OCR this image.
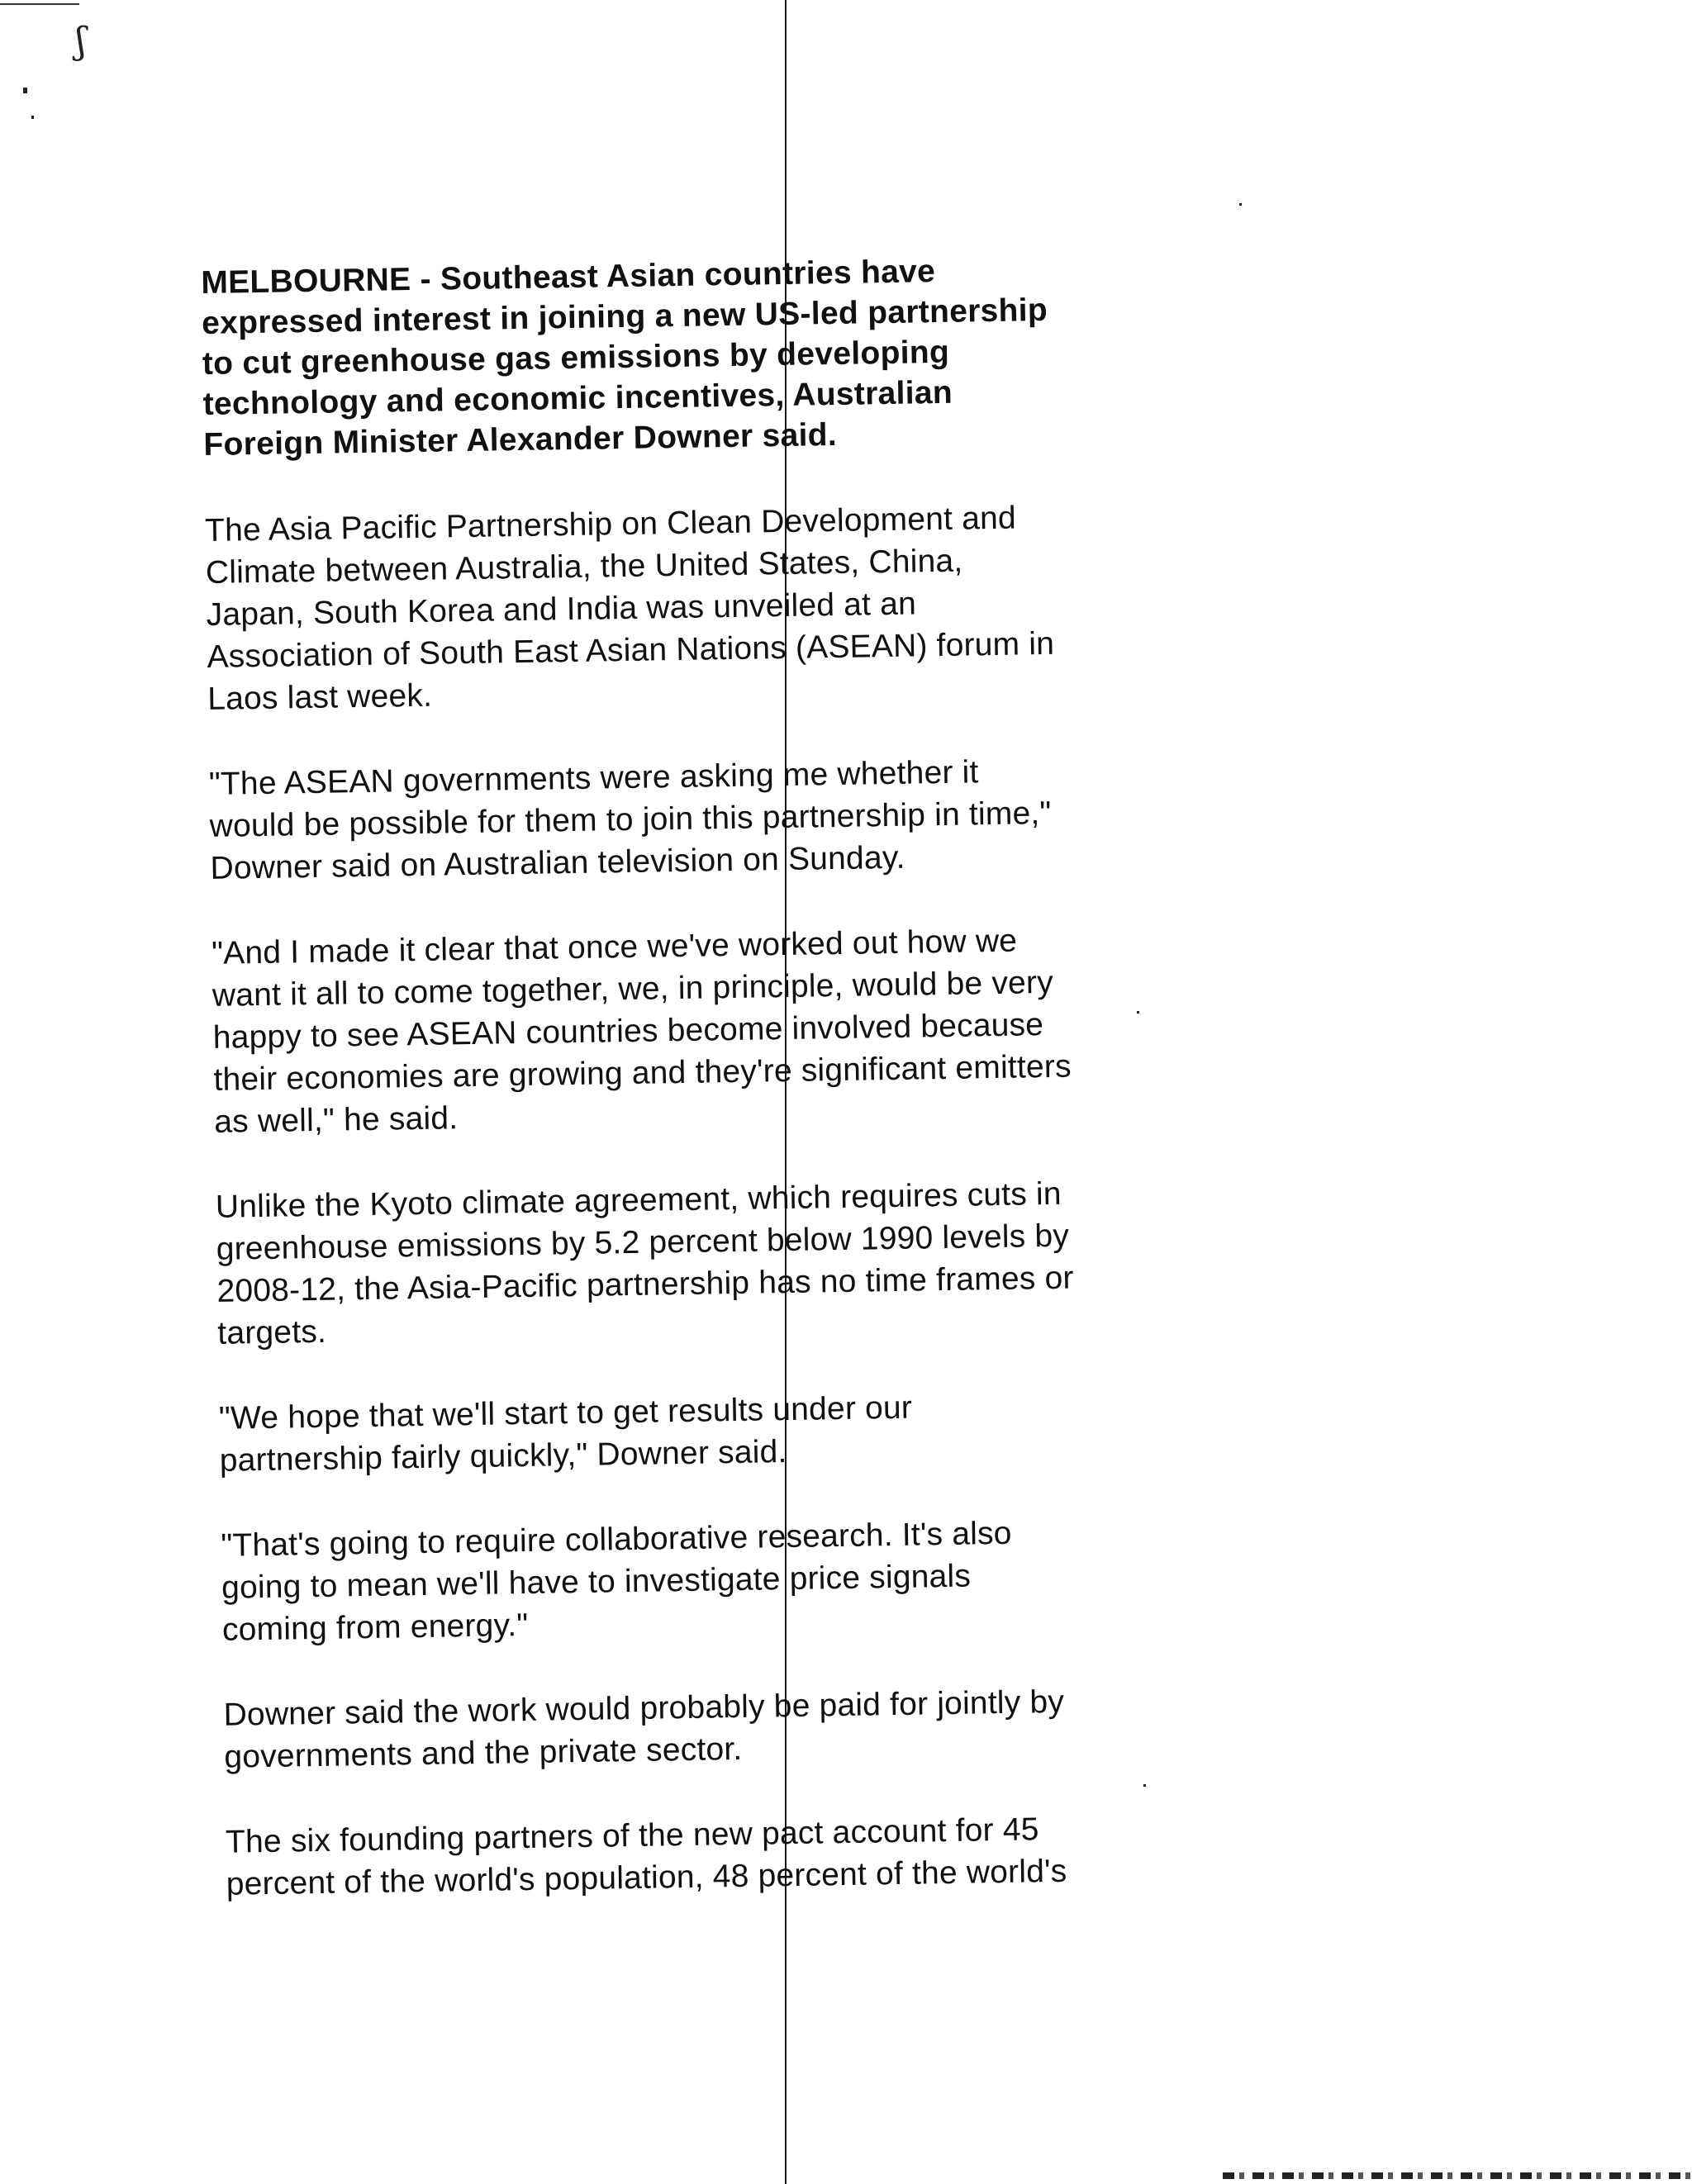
ʃ
MELBOURNE - Southeast Asian countries have
expressed interest in joining a new US-led partnership
to cut greenhouse gas emissions by developing
technology and economic incentives, Australian
Foreign Minister Alexander Downer said.
The Asia Pacific Partnership on Clean Development and
Climate between Australia, the United States, China,
Japan, South Korea and India was unveiled at an
Association of South East Asian Nations (ASEAN) forum in
Laos last week.
"The ASEAN governments were asking me whether it
would be possible for them to join this partnership in time,"
Downer said on Australian television on Sunday.
"And I made it clear that once we've worked out how we
want it all to come together, we, in principle, would be very
happy to see ASEAN countries become involved because
their economies are growing and they're significant emitters
as well," he said.
Unlike the Kyoto climate agreement, which requires cuts in
greenhouse emissions by 5.2 percent below 1990 levels by
2008-12, the Asia-Pacific partnership has no time frames or
targets.
"We hope that we'll start to get results under our
partnership fairly quickly," Downer said.
"That's going to require collaborative research. It's also
going to mean we'll have to investigate price signals
coming from energy."
Downer said the work would probably be paid for jointly by
governments and the private sector.
The six founding partners of the new pact account for 45
percent of the world's population, 48 percent of the world's
